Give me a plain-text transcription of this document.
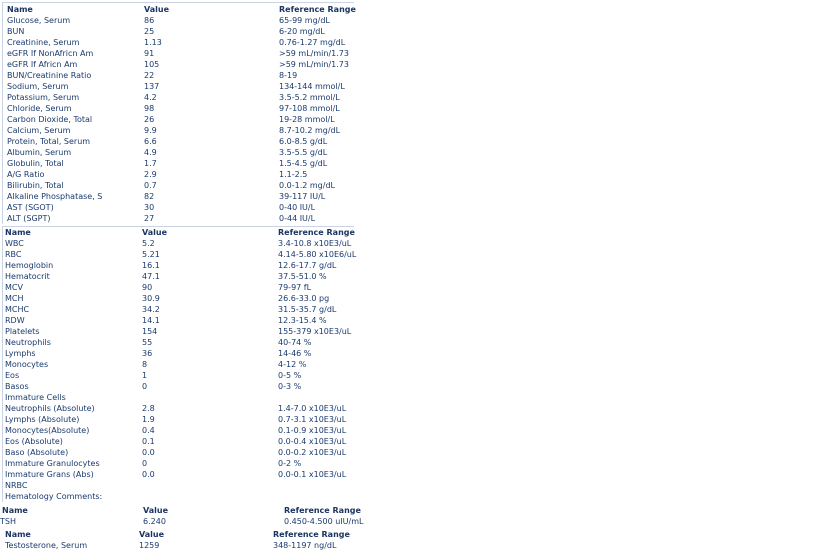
Name	Value	Reference Range
Glucose, Serum	86	65-99 mg/dL
BUN	25	6-20 mg/dL
Creatinine, Serum	1.13	0.76-1.27 mg/dL
eGFR If NonAfricn Am	91	>59 mL/min/1.73
eGFR If Africn Am	105	>59 mL/min/1.73
BUN/Creatinine Ratio	22	8-19
Sodium, Serum	137	134-144 mmol/L
Potassium, Serum	4.2	3.5-5.2 mmol/L
Chloride, Serum	98	97-108 mmol/L
Carbon Dioxide, Total	26	19-28 mmol/L
Calcium, Serum	9.9	8.7-10.2 mg/dL
Protein, Total, Serum	6.6	6.0-8.5 g/dL
Albumin, Serum	4.9	3.5-5.5 g/dL
Globulin, Total	1.7	1.5-4.5 g/dL
A/G Ratio	2.9	1.1-2.5
Bilirubin, Total	0.7	0.0-1.2 mg/dL
Alkaline Phosphatase, S	82	39-117 IU/L
AST (SGOT)	30	0-40 IU/L
ALT (SGPT)	27	0-44 IU/L
Name	Value	Reference Range
WBC	5.2	3.4-10.8 x10E3/uL
RBC	5.21	4.14-5.80 x10E6/uL
Hemoglobin	16.1	12.6-17.7 g/dL
Hematocrit	47.1	37.5-51.0 %
MCV	90	79-97 fL
MCH	30.9	26.6-33.0 pg
MCHC	34.2	31.5-35.7 g/dL
RDW	14.1	12.3-15.4 %
Platelets	154	155-379 x10E3/uL
Neutrophils	55	40-74 %
Lymphs	36	14-46 %
Monocytes	8	4-12 %
Eos	1	0-5 %
Basos	0	0-3 %
Immature Cells
Neutrophils (Absolute)	2.8	1.4-7.0 x10E3/uL
Lymphs (Absolute)	1.9	0.7-3.1 x10E3/uL
Monocytes(Absolute)	0.4	0.1-0.9 x10E3/uL
Eos (Absolute)	0.1	0.0-0.4 x10E3/uL
Baso (Absolute)	0.0	0.0-0.2 x10E3/uL
Immature Granulocytes	0	0-2 %
Immature Grans (Abs)	0.0	0.0-0.1 x10E3/uL
NRBC
Hematology Comments:
Name	Value	Reference Range
TSH	6.240	0.450-4.500 uIU/mL
Name	Value	Reference Range
Testosterone, Serum	1259	348-1197 ng/dL
